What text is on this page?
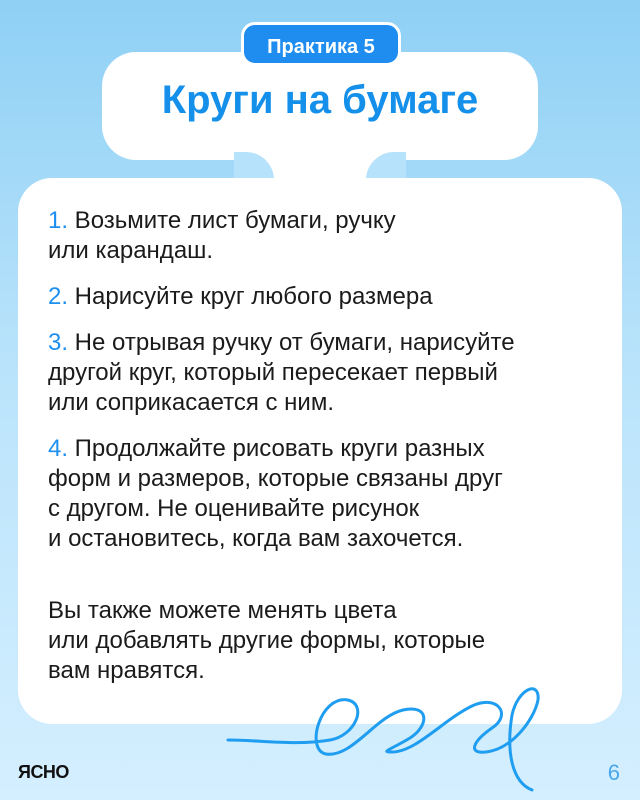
Практика 5
Круги на бумаге
1. Возьмите лист бумаги, ручку
или карандаш.
2. Нарисуйте круг любого размера
3. Не отрывая ручку от бумаги, нарисуйте
другой круг, который пересекает первый
или соприкасается с ним.
4. Продолжайте рисовать круги разных
форм и размеров, которые связаны друг
с другом. Не оценивайте рисунок
и остановитесь, когда вам захочется.
Вы также можете менять цвета
или добавлять другие формы, которые
вам нравятся.
ЯСНО	6
